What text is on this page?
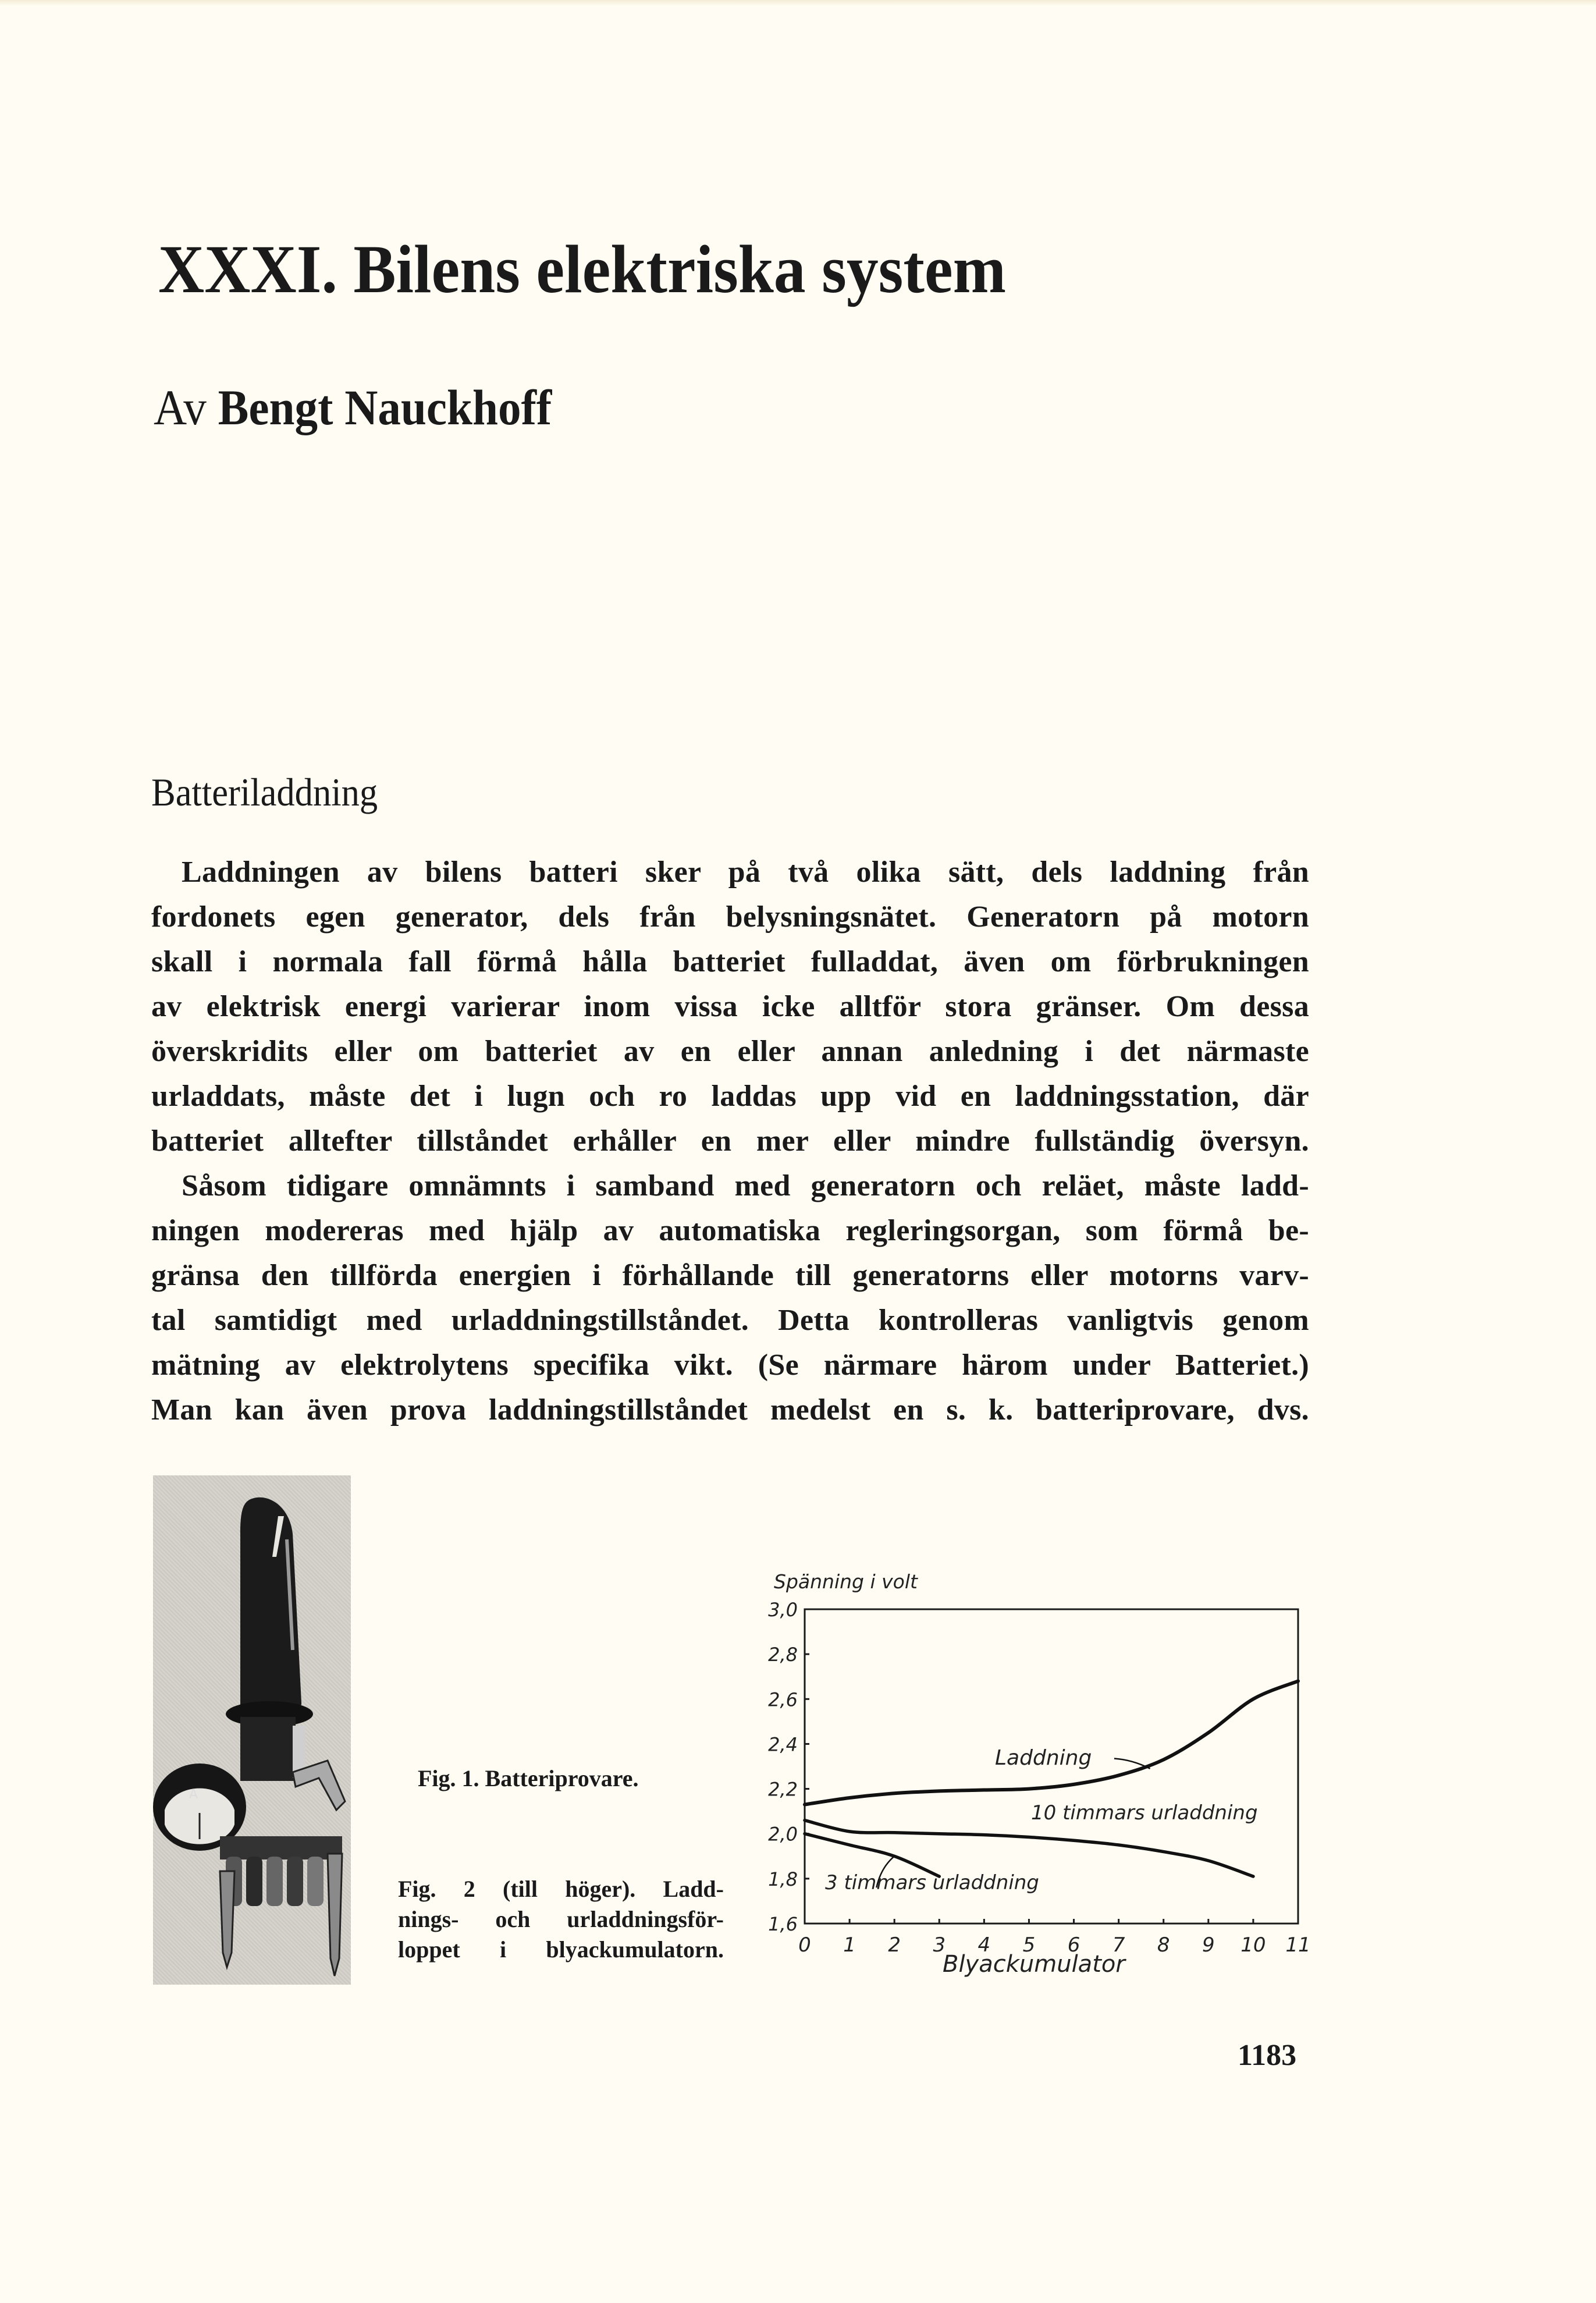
XXXI. Bilens elektriska system
Av Bengt Nauckhoff
Batteriladdning
Laddningen av bilens batteri sker på två olika sätt, dels laddning från
fordonets egen generator, dels från belysningsnätet. Generatorn på motorn
skall i normala fall förmå hålla batteriet fulladdat, även om förbrukningen
av elektrisk energi varierar inom vissa icke alltför stora gränser. Om dessa
överskridits eller om batteriet av en eller annan anledning i det närmaste
urladdats, måste det i lugn och ro laddas upp vid en laddningsstation, där
batteriet alltefter tillståndet erhåller en mer eller mindre fullständig översyn.
Såsom tidigare omnämnts i samband med generatorn och reläet, måste ladd-
ningen modereras med hjälp av automatiska regleringsorgan, som förmå be-
gränsa den tillförda energien i förhållande till generatorns eller motorns varv-
tal samtidigt med urladdningstillståndet. Detta kontrolleras vanligtvis genom
mätning av elektrolytens specifika vikt. (Se närmare härom under Batteriet.)
Man kan även prova laddningstillståndet medelst en s. k. batteriprovare, dvs.
A
Fig. 1. Batteriprovare.
Fig. 2 (till höger). Ladd-
nings- och urladdningsför-
loppet i blyackumulatorn.
3,0
2,8
2,6
2,4
2,2
2,0
1,8
1,6
0 1 2 3 4 5 6 7 8 9 10 11
Spänning i volt
Blyackumulator
Laddning
10 timmars urladdning
3 timmars urladdning
1183
